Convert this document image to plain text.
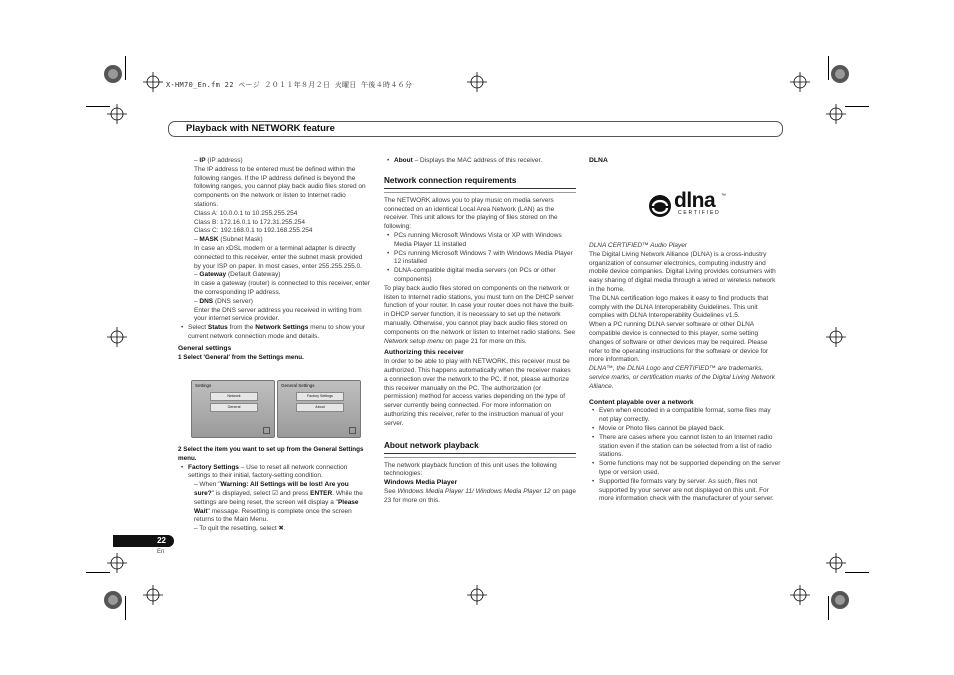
X-HM70_En.fm 22 ページ ２０１１年８月２日 火曜日 午後４時４６分
Playback with NETWORK feature

– IP (IP address)

The IP address to be entered must be defined within the following ranges. If the IP address defined is beyond the following ranges, you cannot play back audio files stored on components on the network or listen to Internet radio stations.

Class A: 10.0.0.1 to 10.255.255.254

Class B: 172.16.0.1 to 172.31.255.254

Class C: 192.168.0.1 to 192.168.255.254

– MASK (Subnet Mask)

In case an xDSL modem or a terminal adapter is directly connected to this receiver, enter the subnet mask provided by your ISP on paper. In most cases, enter 255.255.255.0.

– Gateway (Default Gateway)

In case a gateway (router) is connected to this receiver, enter the corresponding IP address.

– DNS (DNS server)

Enter the DNS server address you received in writing from your internet service provider.

• Select Status from the Network Settings menu to show your current network connection mode and details.

General settings

1 Select 'General' from the Settings menu.

Settings
Network
General
General Settings
Factory Settings
About

2 Select the item you want to set up from the General Settings menu.

• Factory Settings – Use to reset all network connection settings to their initial, factory-setting condition.

– When "Warning: All Settings will be lost! Are you sure?" is displayed, select ☑ and press ENTER. While the settings are being reset, the screen will display a "Please Wait" message. Resetting is complete once the screen returns to the Main Menu.

– To quit the resetting, select ✖.

• About – Displays the MAC address of this receiver.

Network connection requirements

The NETWORK allows you to play music on media servers connected on an identical Local Area Network (LAN) as the receiver. This unit allows for the playing of files stored on the following:

• PCs running Microsoft Windows Vista or XP with Windows Media Player 11 installed

• PCs running Microsoft Windows 7 with Windows Media Player 12 installed

• DLNA-compatible digital media servers (on PCs or other components)

To play back audio files stored on components on the network or listen to Internet radio stations, you must turn on the DHCP server function of your router. In case your router does not have the built-in DHCP server function, it is necessary to set up the network manually. Otherwise, you cannot play back audio files stored on components on the network or listen to Internet radio stations. See Network setup menu on page 21 for more on this.

Authorizing this receiver

In order to be able to play with NETWORK, this receiver must be authorized. This happens automatically when the receiver makes a connection over the network to the PC. If not, please authorize this receiver manually on the PC. The authorization (or permission) method for access varies depending on the type of server currently being connected. For more information on authorizing this receiver, refer to the instruction manual of your server.

About network playback

The network playback function of this unit uses the following technologies:

Windows Media Player

See Windows Media Player 11/ Windows Media Player 12 on page 23 for more on this.

DLNA

dlna ™
CERTIFIED

DLNA CERTIFIED™ Audio Player

The Digital Living Network Alliance (DLNA) is a cross-industry organization of consumer electronics, computing industry and mobile device companies. Digital Living provides consumers with easy sharing of digital media through a wired or wireless network in the home.

The DLNA certification logo makes it easy to find products that comply with the DLNA Interoperability Guidelines. This unit complies with DLNA Interoperability Guidelines v1.5.

When a PC running DLNA server software or other DLNA compatible device is connected to this player, some setting changes of software or other devices may be required. Please refer to the operating instructions for the software or device for more information.

DLNA™, the DLNA Logo and CERTIFIED™ are trademarks, service marks, or certification marks of the Digital Living Network Alliance.

Content playable over a network

• Even when encoded in a compatible format, some files may not play correctly.

• Movie or Photo files cannot be played back.

• There are cases where you cannot listen to an Internet radio station even if the station can be selected from a list of radio stations.

• Some functions may not be supported depending on the server type or version used.

• Supported file formats vary by server. As such, files not supported by your server are not displayed on this unit. For more information check with the manufacturer of your server.

22
En
